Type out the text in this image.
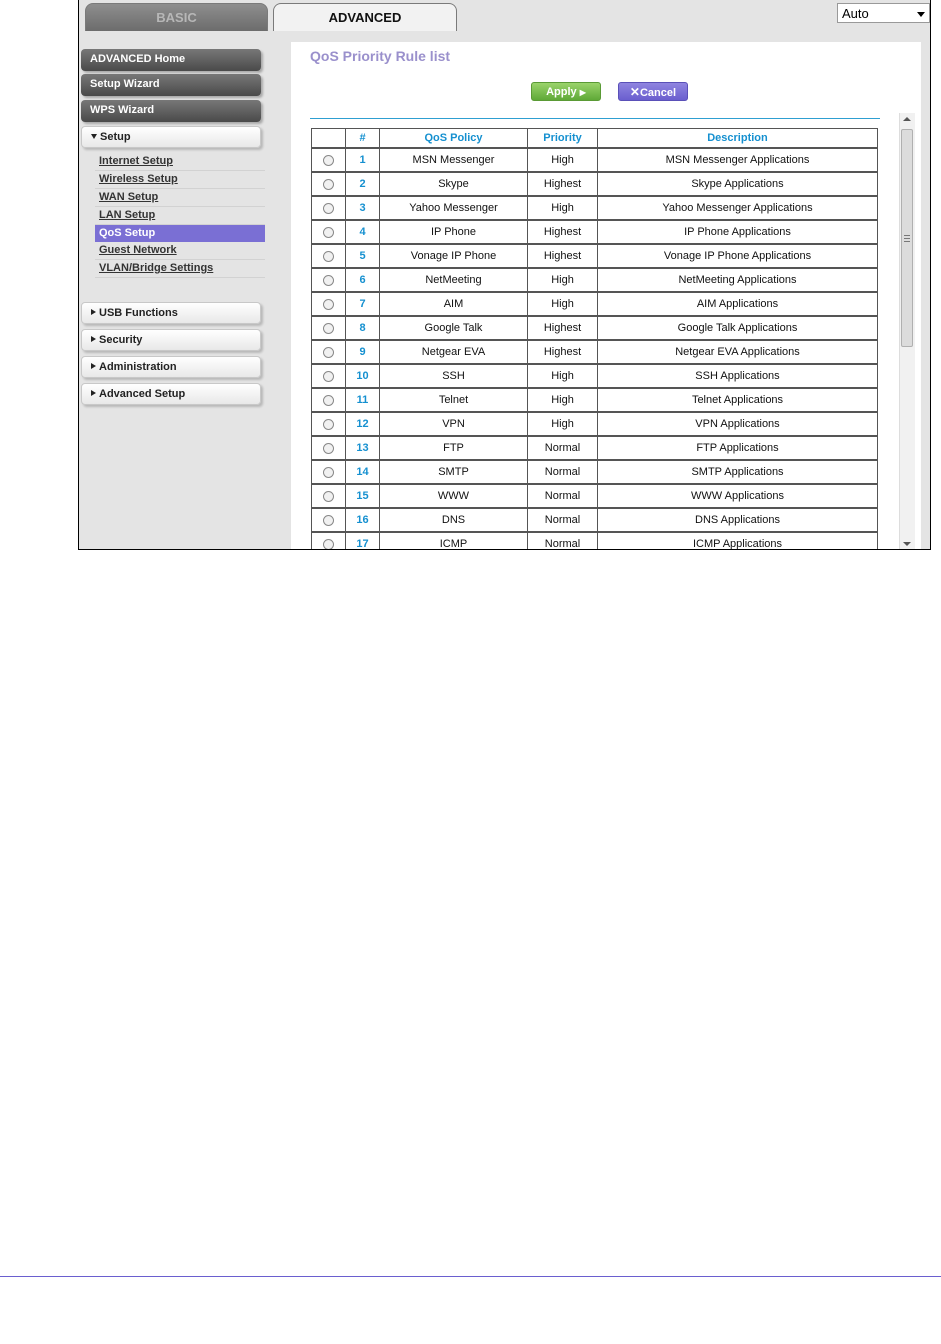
BASIC	ADVANCED	Auto
ADVANCED Home
Setup Wizard
WPS Wizard
Setup
Internet Setup
Wireless Setup
WAN Setup
LAN Setup
QoS Setup
Guest Network
VLAN/Bridge Settings
USB Functions
Security
Administration
Advanced Setup
QoS Priority Rule list
Apply ▶	✕Cancel
	#	QoS Policy	Priority	Description
	1	MSN Messenger	High	MSN Messenger Applications
	2	Skype	Highest	Skype Applications
	3	Yahoo Messenger	High	Yahoo Messenger Applications
	4	IP Phone	Highest	IP Phone Applications
	5	Vonage IP Phone	Highest	Vonage IP Phone Applications
	6	NetMeeting	High	NetMeeting Applications
	7	AIM	High	AIM Applications
	8	Google Talk	Highest	Google Talk Applications
	9	Netgear EVA	Highest	Netgear EVA Applications
	10	SSH	High	SSH Applications
	11	Telnet	High	Telnet Applications
	12	VPN	High	VPN Applications
	13	FTP	Normal	FTP Applications
	14	SMTP	Normal	SMTP Applications
	15	WWW	Normal	WWW Applications
	16	DNS	Normal	DNS Applications
	17	ICMP	Normal	ICMP Applications
